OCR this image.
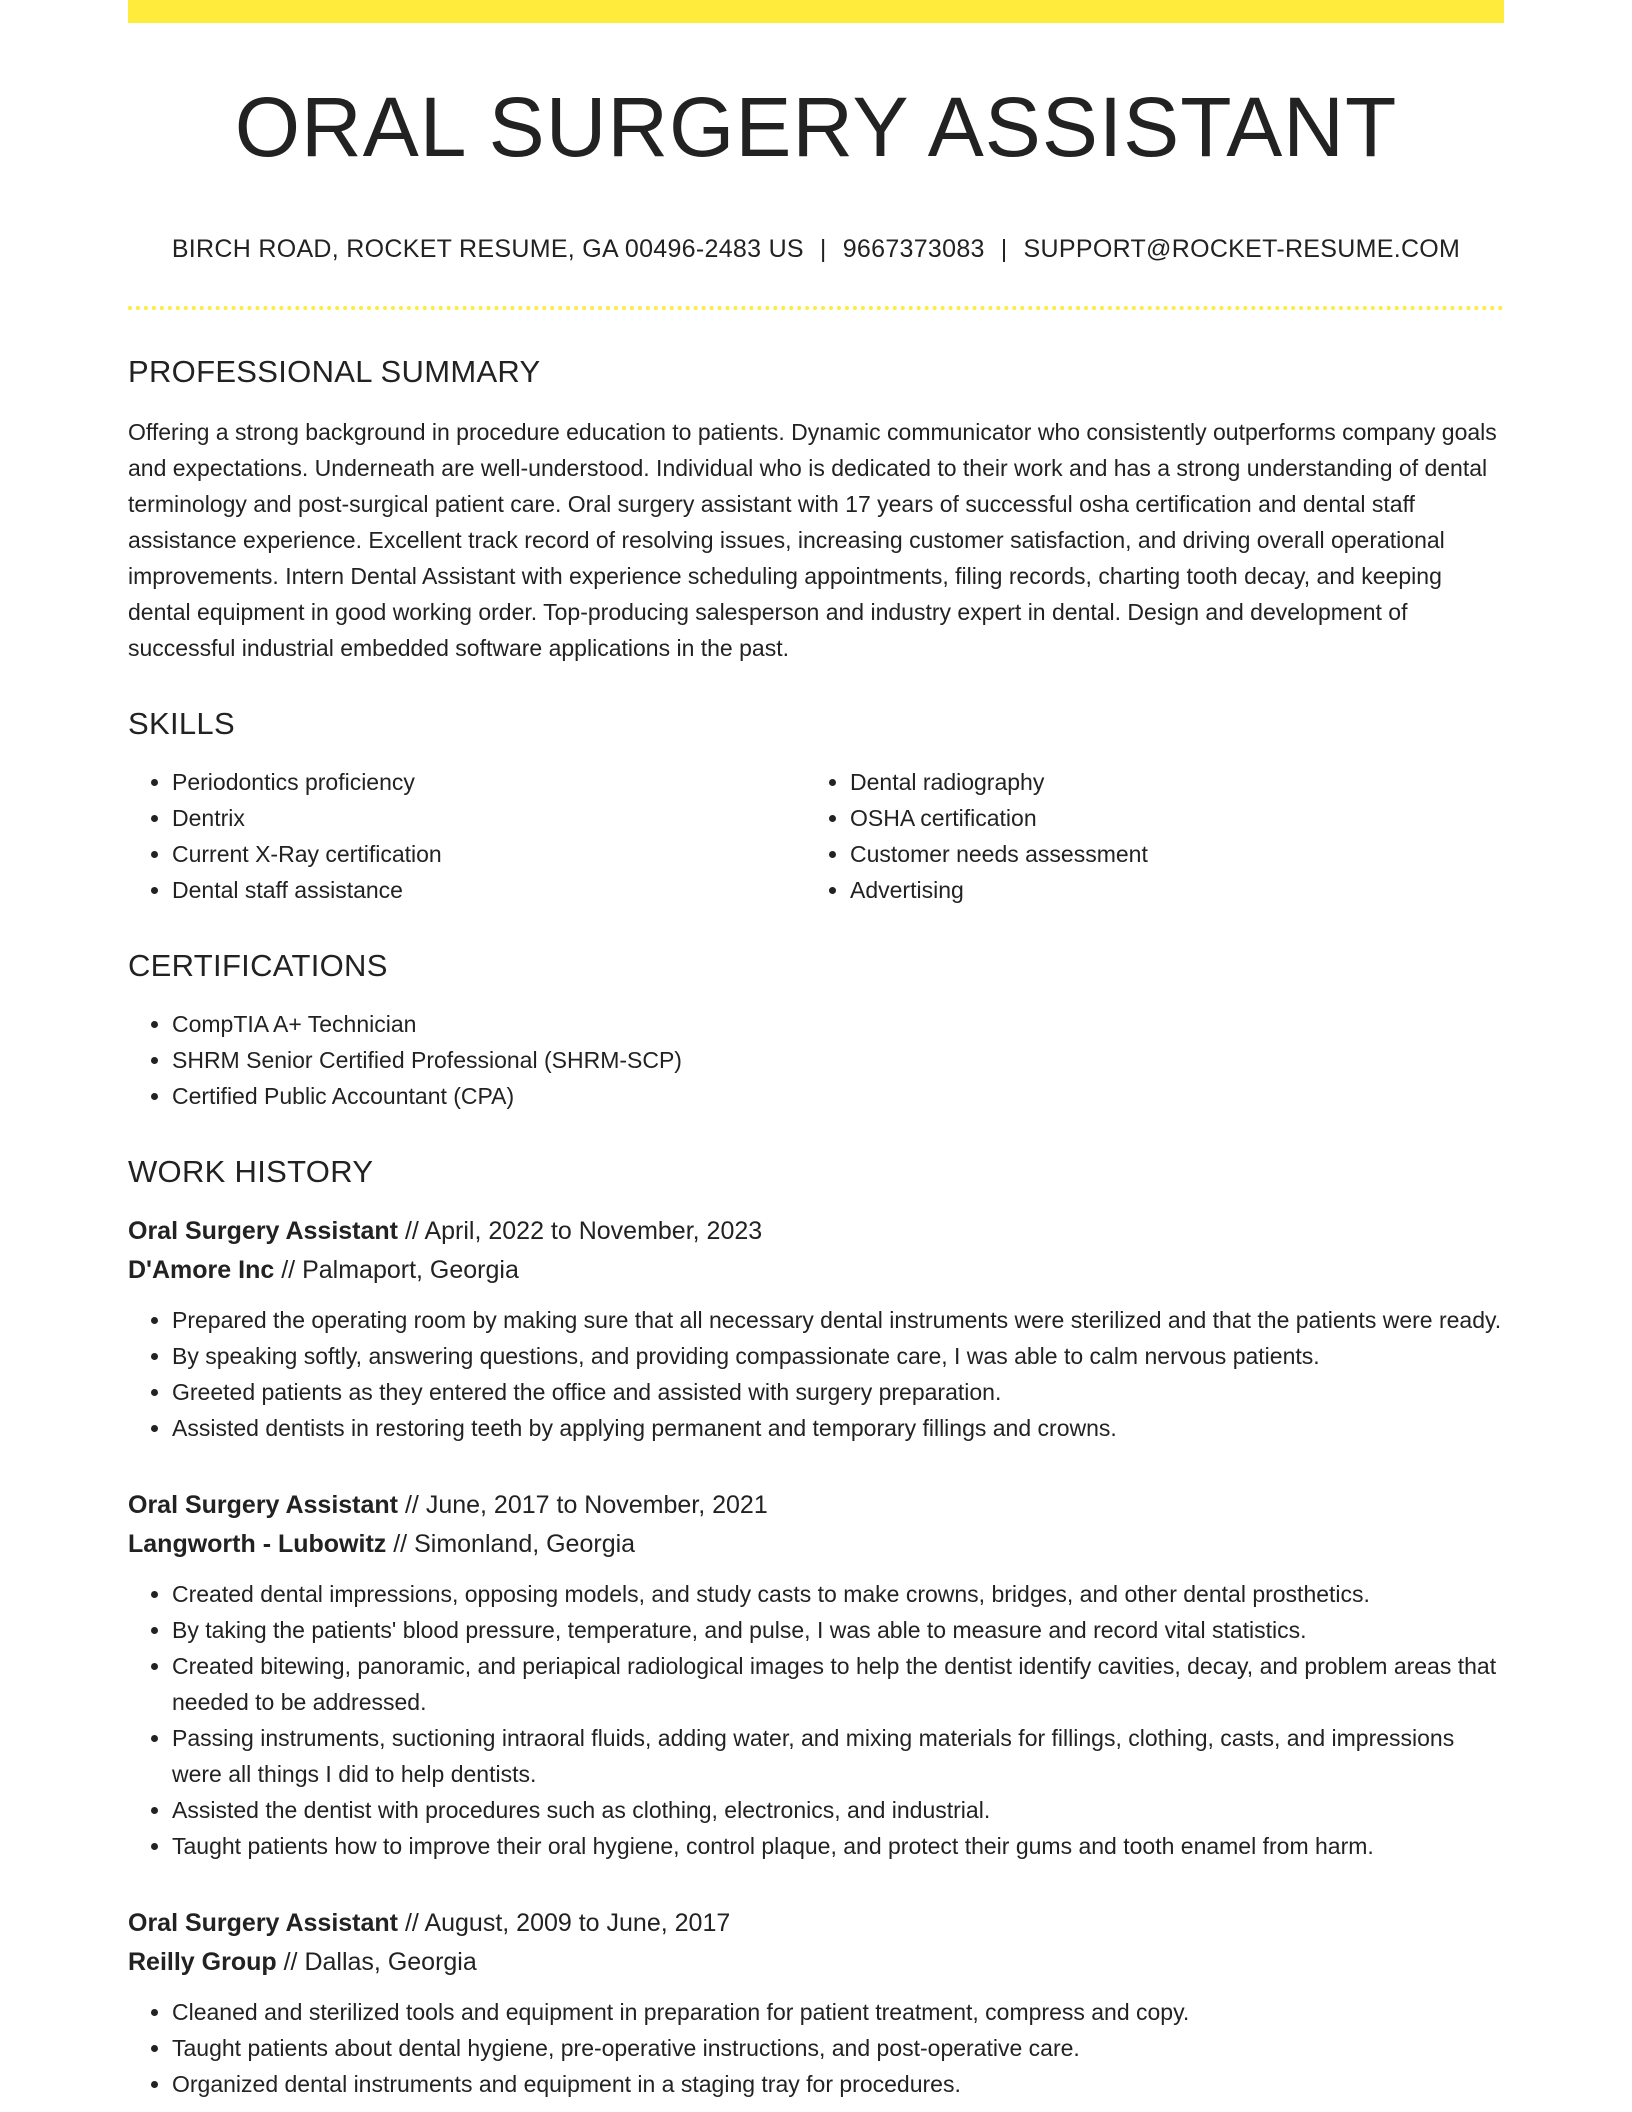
ORAL SURGERY ASSISTANT
BIRCH ROAD, ROCKET RESUME, GA 00496-2483 US | 9667373083 | SUPPORT@ROCKET-RESUME.COM
PROFESSIONAL SUMMARY
Offering a strong background in procedure education to patients. Dynamic communicator who consistently outperforms company goals and expectations. Underneath are well-understood. Individual who is dedicated to their work and has a strong understanding of dental terminology and post-surgical patient care. Oral surgery assistant with 17 years of successful osha certification and dental staff assistance experience. Excellent track record of resolving issues, increasing customer satisfaction, and driving overall operational improvements. Intern Dental Assistant with experience scheduling appointments, filing records, charting tooth decay, and keeping dental equipment in good working order. Top-producing salesperson and industry expert in dental. Design and development of successful industrial embedded software applications in the past.
SKILLS
• Periodontics proficiency
• Dentrix
• Current X-Ray certification
• Dental staff assistance
• Dental radiography
• OSHA certification
• Customer needs assessment
• Advertising
CERTIFICATIONS
• CompTIA A+ Technician
• SHRM Senior Certified Professional (SHRM-SCP)
• Certified Public Accountant (CPA)
WORK HISTORY
Oral Surgery Assistant // April, 2022 to November, 2023
D'Amore Inc // Palmaport, Georgia
• Prepared the operating room by making sure that all necessary dental instruments were sterilized and that the patients were ready.
• By speaking softly, answering questions, and providing compassionate care, I was able to calm nervous patients.
• Greeted patients as they entered the office and assisted with surgery preparation.
• Assisted dentists in restoring teeth by applying permanent and temporary fillings and crowns.
Oral Surgery Assistant // June, 2017 to November, 2021
Langworth - Lubowitz // Simonland, Georgia
• Created dental impressions, opposing models, and study casts to make crowns, bridges, and other dental prosthetics.
• By taking the patients' blood pressure, temperature, and pulse, I was able to measure and record vital statistics.
• Created bitewing, panoramic, and periapical radiological images to help the dentist identify cavities, decay, and problem areas that needed to be addressed.
• Passing instruments, suctioning intraoral fluids, adding water, and mixing materials for fillings, clothing, casts, and impressions were all things I did to help dentists.
• Assisted the dentist with procedures such as clothing, electronics, and industrial.
• Taught patients how to improve their oral hygiene, control plaque, and protect their gums and tooth enamel from harm.
Oral Surgery Assistant // August, 2009 to June, 2017
Reilly Group // Dallas, Georgia
• Cleaned and sterilized tools and equipment in preparation for patient treatment, compress and copy.
• Taught patients about dental hygiene, pre-operative instructions, and post-operative care.
• Organized dental instruments and equipment in a staging tray for procedures.
